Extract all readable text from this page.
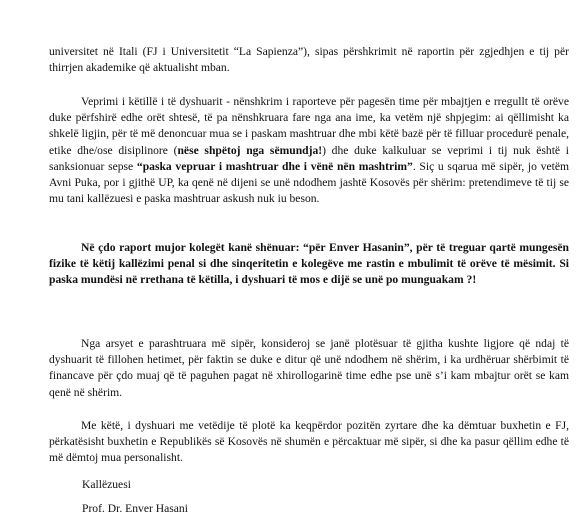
universitet në Itali (FJ i Universitetit “La Sapienza”), sipas përshkrimit në raportin për zgjedhjen e tij për thirrjen akademike që aktualisht mban.

Veprimi i këtillë i të dyshuarit - nënshkrim i raporteve për pagesën time për mbajtjen e rregullt të orëve duke përfshirë edhe orët shtesë, të pa nënshkruara fare nga ana ime, ka vetëm një shpjegim: ai qëllimisht ka shkelë ligjin, për të më denoncuar mua se i paskam mashtruar dhe mbi këtë bazë për të filluar procedurë penale, etike dhe/ose disiplinore (nëse shpëtoj nga sëmundja!) dhe duke kalkuluar se veprimi i tij nuk është i sanksionuar sepse “paska vepruar i mashtruar dhe i vënë nën mashtrim”. Siç u sqarua më sipër, jo vetëm Avni Puka, por i gjithë UP, ka qenë në dijeni se unë ndodhem jashtë Kosovës për shërim: pretendimeve të tij se mu tani kallëzuesi e paska mashtruar askush nuk iu beson.

Në çdo raport mujor kolegët kanë shënuar: “për Enver Hasanin”, për të treguar qartë mungesën fizike të këtij kallëzimi penal si dhe sinqeritetin e kolegëve me rastin e mbulimit të orëve të mësimit. Si paska mundësi në rrethana të këtilla, i dyshuari të mos e dijë se unë po munguakam ?!

Nga arsyet e parashtruara më sipër, konsideroj se janë plotësuar të gjitha kushte ligjore që ndaj të dyshuarit të fillohen hetimet, për faktin se duke e ditur që unë ndodhem në shërim, i ka urdhëruar shërbimit të financave për çdo muaj që të paguhen pagat në xhirollogarinë time edhe pse unë s’i kam mbajtur orët se kam qenë në shërim.

Me këtë, i dyshuari me vetëdije të plotë ka keqpërdor pozitën zyrtare dhe ka dëmtuar buxhetin e FJ, përkatësisht buxhetin e Republikës së Kosovës në shumën e përcaktuar më sipër, si dhe ka pasur qëllim edhe të më dëmtoj mua personalisht.

Kallëzuesi

Prof. Dr. Enver Hasani
